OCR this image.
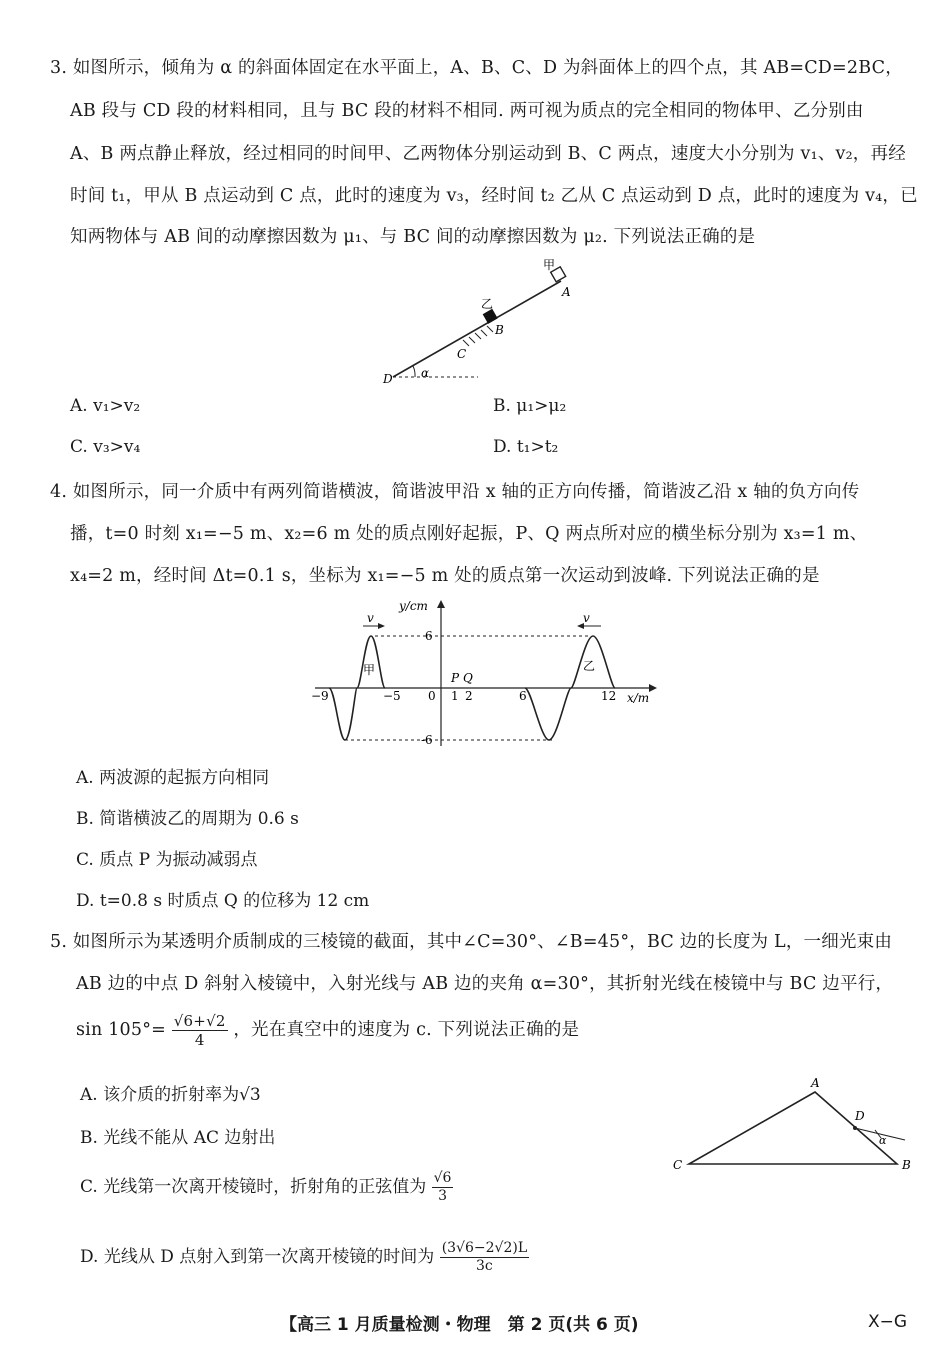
3. 如图所示，倾角为 α 的斜面体固定在水平面上，A、B、C、D 为斜面体上的四个点，其 AB=CD=2BC，
AB 段与 CD 段的材料相同，且与 BC 段的材料不相同. 两可视为质点的完全相同的物体甲、乙分别由
A、B 两点静止释放，经过相同的时间甲、乙两物体分别运动到 B、C 两点，速度大小分别为 v₁、v₂，再经
时间 t₁，甲从 B 点运动到 C 点，此时的速度为 v₃，经时间 t₂ 乙从 C 点运动到 D 点，此时的速度为 v₄，已
知两物体与 AB 间的动摩擦因数为 μ₁、与 BC 间的动摩擦因数为 μ₂. 下列说法正确的是
甲
A
乙
B
C
D α
A. v₁>v₂	B. μ₁>μ₂
C. v₃>v₄	D. t₁>t₂
4. 如图所示，同一介质中有两列简谐横波，简谐波甲沿 x 轴的正方向传播，简谐波乙沿 x 轴的负方向传
播，t=0 时刻 x₁=−5 m、x₂=6 m 处的质点刚好起振，P、Q 两点所对应的横坐标分别为 x₃=1 m、
x₄=2 m，经时间 Δt=0.1 s，坐标为 x₁=−5 m 处的质点第一次运动到波峰. 下列说法正确的是
v	v
y/cm
x/m
6
-6
−9	−5 0 1 2	6	12
P Q
甲	乙
A. 两波源的起振方向相同
B. 简谐横波乙的周期为 0.6 s
C. 质点 P 为振动减弱点
D. t=0.8 s 时质点 Q 的位移为 12 cm
5. 如图所示为某透明介质制成的三棱镜的截面，其中∠C=30°、∠B=45°，BC 边的长度为 L，一细光束由
AB 边的中点 D 斜射入棱镜中，入射光线与 AB 边的夹角 α=30°，其折射光线在棱镜中与 BC 边平行，
$\sin 105^\circ= \frac{√6+√2}{4}$ ，光在真空中的速度为 c. 下列说法正确的是
A. 该介质的折射率为√3
B. 光线不能从 AC 边射出
C. 光线第一次离开棱镜时，折射角的正弦值为 $\frac{√6}{3}$
D. 光线从 D 点射入到第一次离开棱镜的时间为 $\frac{(3√6-2√2)L}{3c}$
A
B
C
D
α
【高三 1 月质量检测・物理　第 2 页(共 6 页)	X−G
